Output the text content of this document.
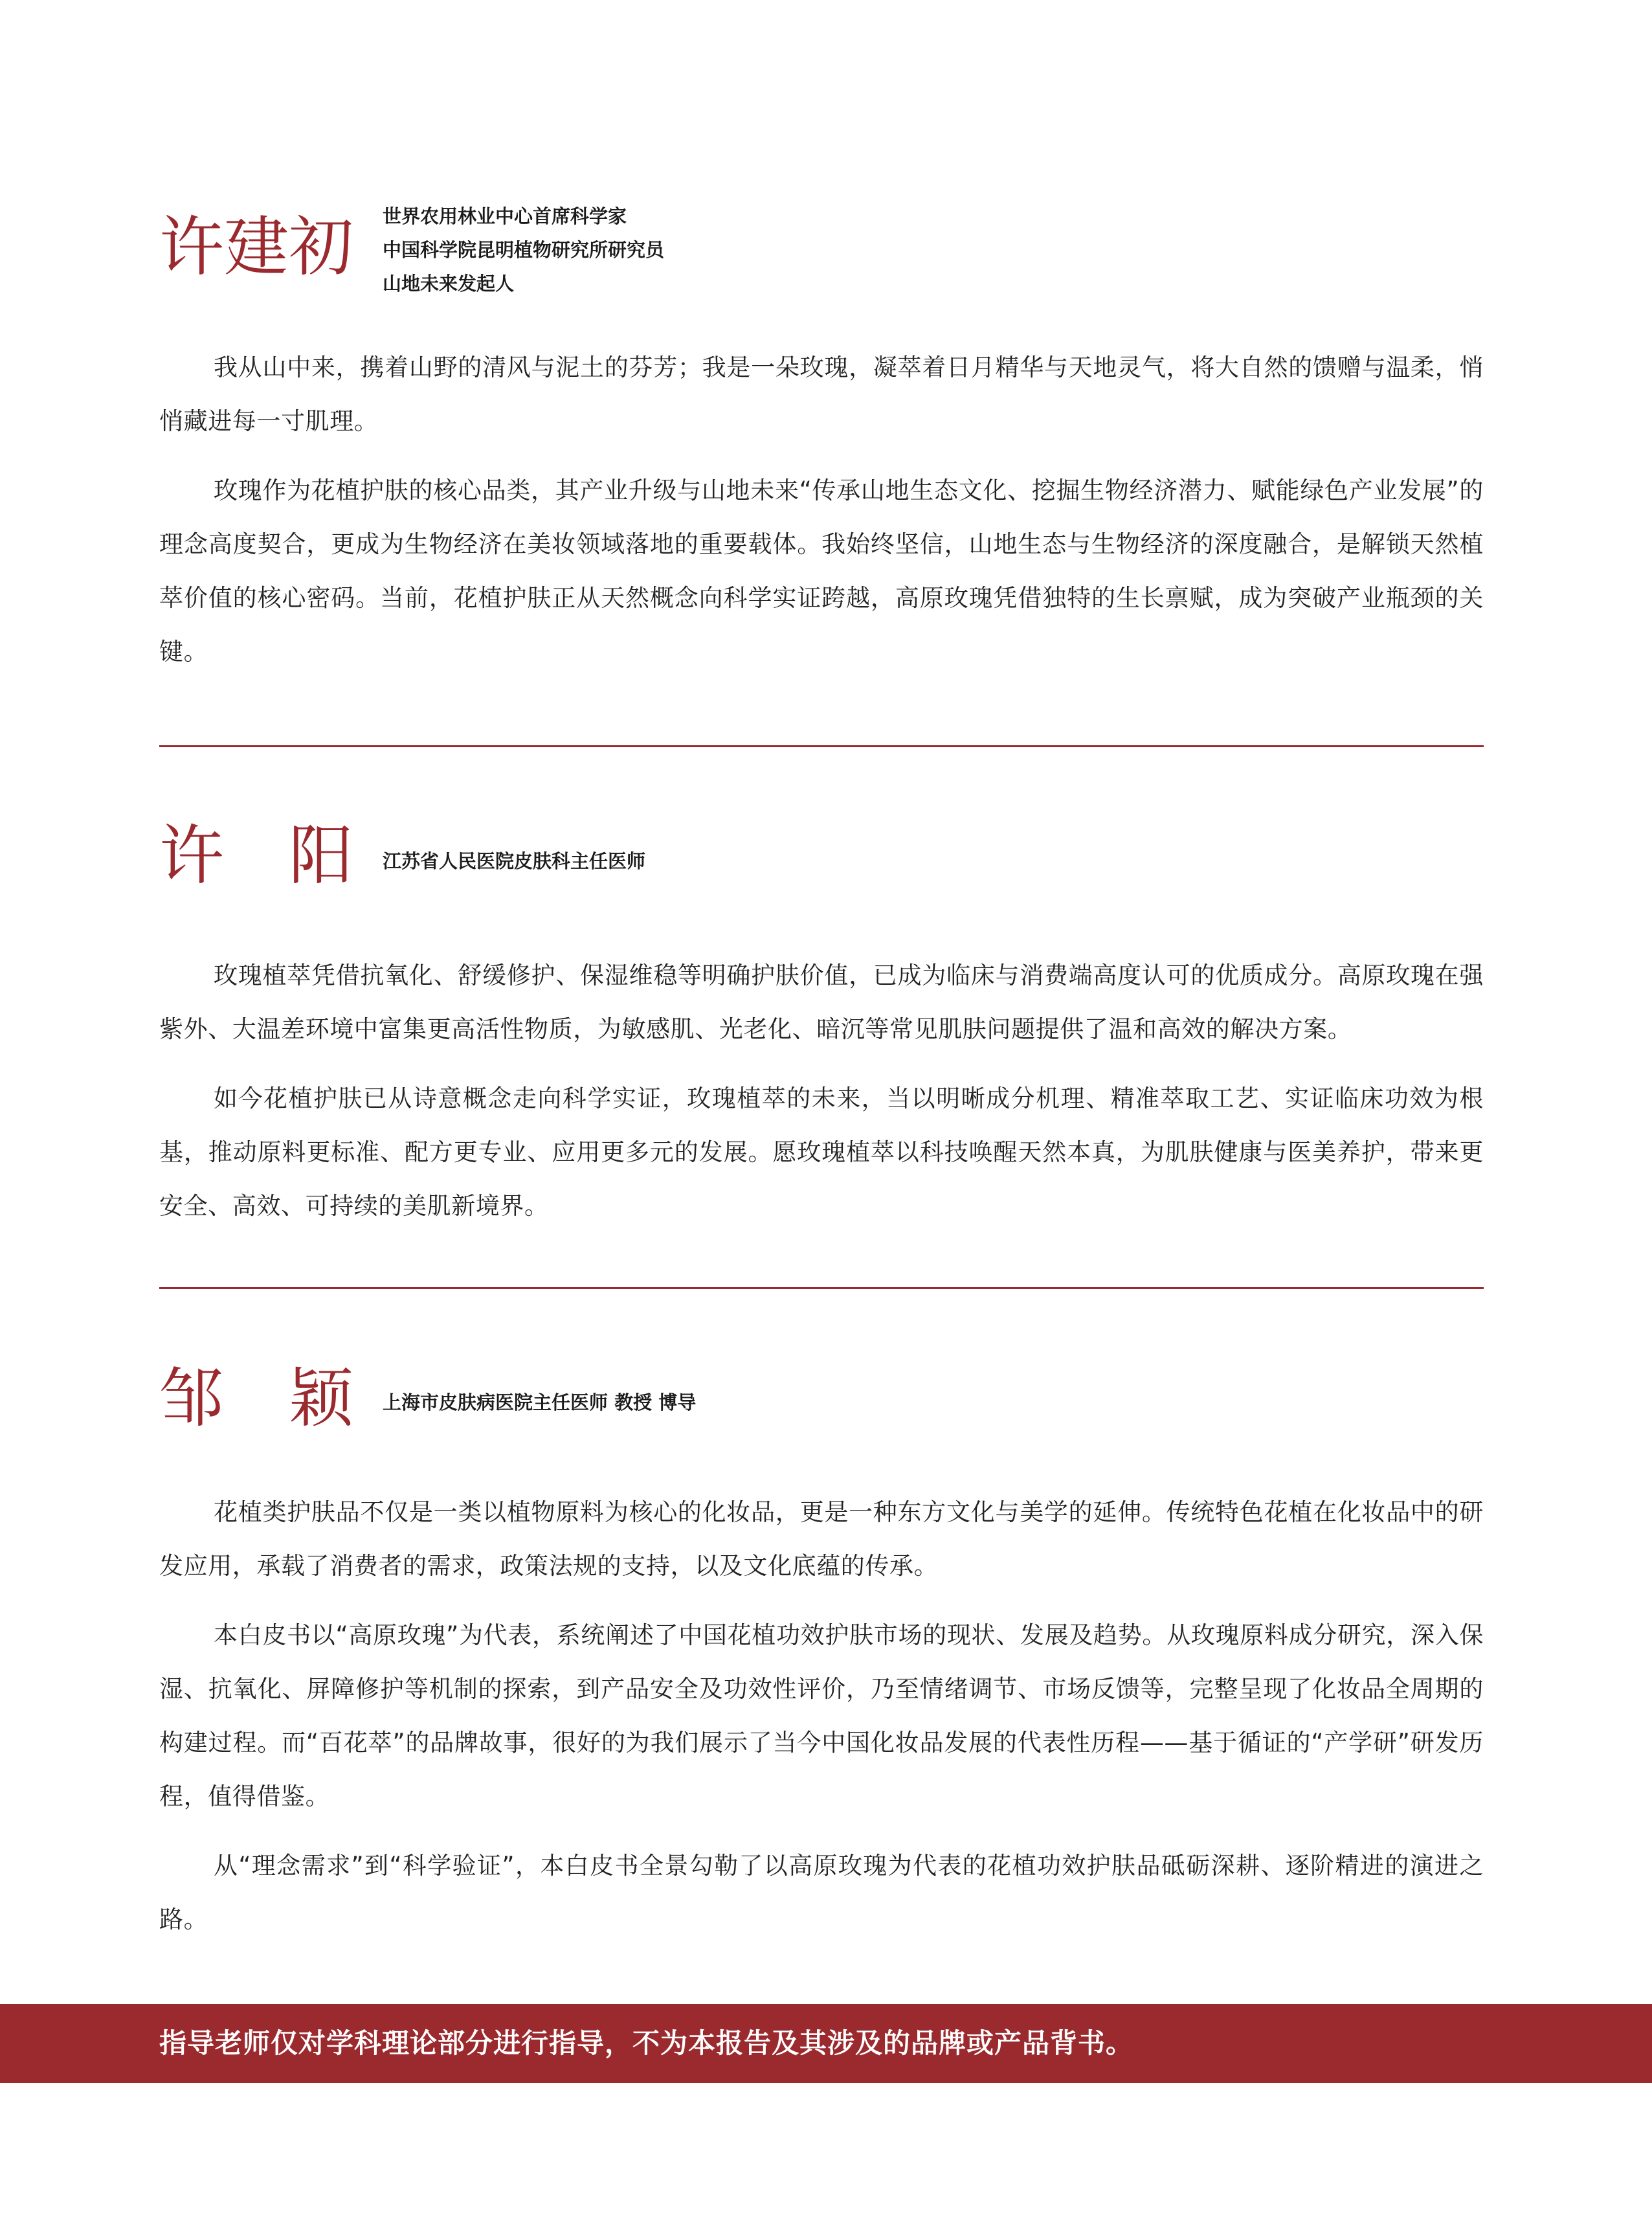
许建初 世界农用林业中心首席科学家
中国科学院昆明植物研究所研究员
山地未来发起人

我从山中来，携着山野的清风与泥土的芬芳；我是一朵玫瑰，凝萃着日月精华与天地灵气，将大自然的馈赠与温柔，悄悄藏进每一寸肌理。

玫瑰作为花植护肤的核心品类，其产业升级与山地未来“传承山地生态文化、挖掘生物经济潜力、赋能绿色产业发展”的理念高度契合，更成为生物经济在美妆领域落地的重要载体。我始终坚信，山地生态与生物经济的深度融合，是解锁天然植萃价值的核心密码。当前，花植护肤正从天然概念向科学实证跨越，高原玫瑰凭借独特的生长禀赋，成为突破产业瓶颈的关键。

许　阳 江苏省人民医院皮肤科主任医师

玫瑰植萃凭借抗氧化、舒缓修护、保湿维稳等明确护肤价值，已成为临床与消费端高度认可的优质成分。高原玫瑰在强紫外、大温差环境中富集更高活性物质，为敏感肌、光老化、暗沉等常见肌肤问题提供了温和高效的解决方案。

如今花植护肤已从诗意概念走向科学实证，玫瑰植萃的未来，当以明晰成分机理、精准萃取工艺、实证临床功效为根基，推动原料更标准、配方更专业、应用更多元的发展。愿玫瑰植萃以科技唤醒天然本真，为肌肤健康与医美养护，带来更安全、高效、可持续的美肌新境界。

邹　颖 上海市皮肤病医院主任医师 教授 博导

花植类护肤品不仅是一类以植物原料为核心的化妆品，更是一种东方文化与美学的延伸。传统特色花植在化妆品中的研发应用，承载了消费者的需求，政策法规的支持，以及文化底蕴的传承。

本白皮书以“高原玫瑰”为代表，系统阐述了中国花植功效护肤市场的现状、发展及趋势。从玫瑰原料成分研究，深入保湿、抗氧化、屏障修护等机制的探索，到产品安全及功效性评价，乃至情绪调节、市场反馈等，完整呈现了化妆品全周期的构建过程。而“百花萃”的品牌故事，很好的为我们展示了当今中国化妆品发展的代表性历程——基于循证的“产学研”研发历程，值得借鉴。

从“理念需求”到“科学验证”，本白皮书全景勾勒了以高原玫瑰为代表的花植功效护肤品砥砺深耕、逐阶精进的演进之路。

指导老师仅对学科理论部分进行指导，不为本报告及其涉及的品牌或产品背书。
